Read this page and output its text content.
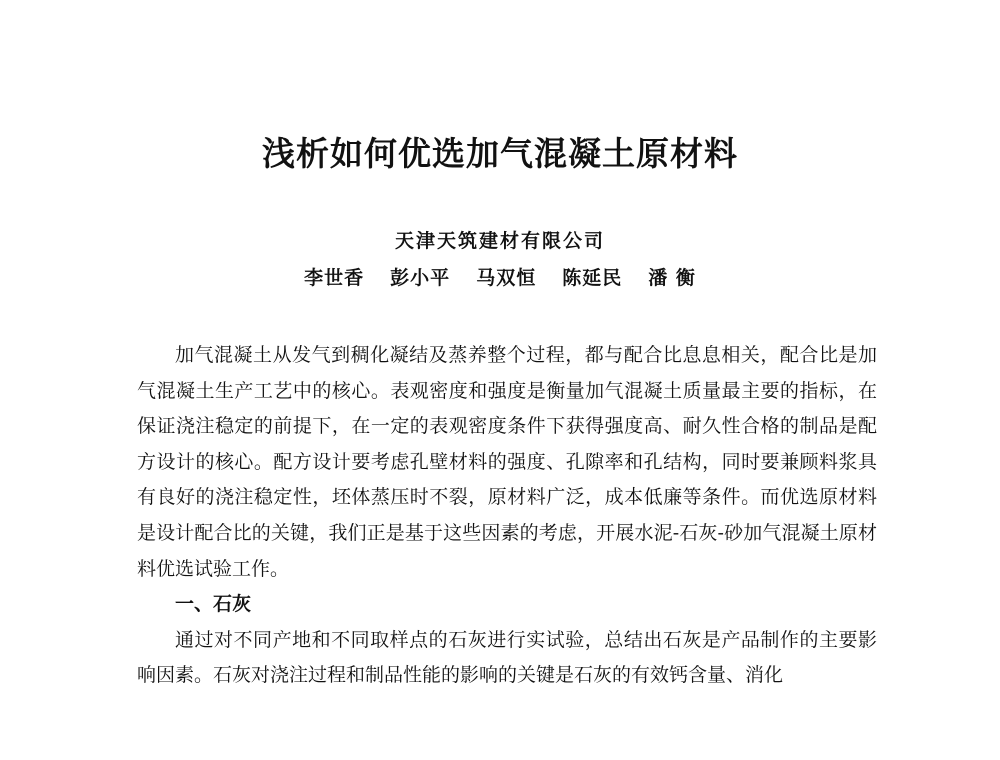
浅析如何优选加气混凝土原材料
天津天筑建材有限公司
李世香 彭小平 马双恒 陈延民 潘 衡

加气混凝土从发气到稠化凝结及蒸养整个过程，都与配合比息息相关，配合比是加气混凝土生产工艺中的核心。表观密度和强度是衡量加气混凝土质量最主要的指标，在保证浇注稳定的前提下，在一定的表观密度条件下获得强度高、耐久性合格的制品是配方设计的核心。配方设计要考虑孔壁材料的强度、孔隙率和孔结构，同时要兼顾料浆具有良好的浇注稳定性，坯体蒸压时不裂，原材料广泛，成本低廉等条件。而优选原材料是设计配合比的关键，我们正是基于这些因素的考虑，开展水泥-石灰-砂加气混凝土原材料优选试验工作。

一、石灰

通过对不同产地和不同取样点的石灰进行实试验，总结出石灰是产品制作的主要影响因素。石灰对浇注过程和制品性能的影响的关键是石灰的有效钙含量、消化
